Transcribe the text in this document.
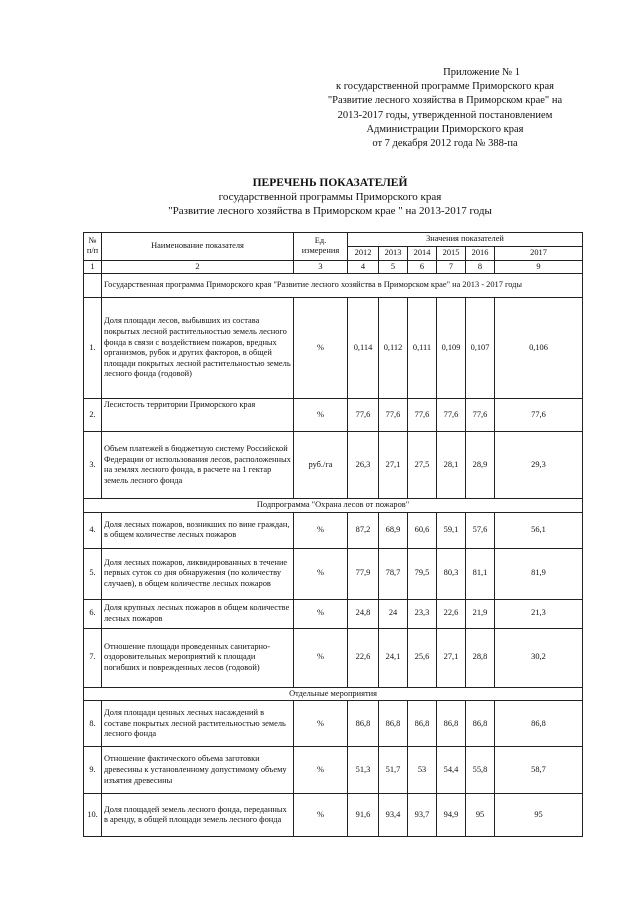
Приложение № 1
к государственной программе Приморского края
"Развитие лесного хозяйства в Приморском крае" на
2013-2017 годы, утвержденной постановлением
Администрации Приморского края
от 7 декабря 2012 года № 388-па
ПЕРЕЧЕНЬ ПОКАЗАТЕЛЕЙ
государственной программы Приморского края
"Развитие лесного хозяйства в Приморском крае " на 2013-2017 годы
№ п/п	Наименование показателя	Ед. измерения	Значения показателей					
			2012	2013	2014	2015	2016	2017
1	2	3	4	5	6	7	8	9
	Государственная программа Приморского края "Развитие лесного хозяйства в Приморском крае" на 2013 - 2017 годы							
1.	Доля площади лесов, выбывших из состава покрытых лесной растительностью земель лесного фонда в связи с воздействием пожаров, вредных организмов, рубок и других факторов, в общей площади покрытых лесной растительностью земель лесного фонда (годовой)	%	0,114	0,112	0,111	0,109	0,107	0,106
2.	Лесистость территории Приморского края	%	77,6	77,6	77,6	77,6	77,6	77,6
3.	Объем платежей в бюджетную систему Российской Федерации от использования лесов, расположенных на землях лесного фонда, в расчете на 1 гектар земель лесного фонда	руб./га	26,3	27,1	27,5	28,1	28,9	29,3
Подпрограмма "Охрана лесов от пожаров"								
4.	Доля лесных пожаров, возникших по вине граждан, в общем количестве лесных пожаров	%	87,2	68,9	60,6	59,1	57,6	56,1
5.	Доля лесных пожаров, ликвидированных в течение первых суток со дня обнаружения (по количеству случаев), в общем количестве лесных пожаров	%	77,9	78,7	79,5	80,3	81,1	81,9
6.	Доля крупных лесных пожаров в общем количестве лесных пожаров	%	24,8	24	23,3	22,6	21,9	21,3
7.	Отношение площади проведенных санитарно-оздоровительных мероприятий к площади погибших и поврежденных лесов (годовой)	%	22,6	24,1	25,6	27,1	28,8	30,2
Отдельные мероприятия								
8.	Доля площади ценных лесных насаждений в составе покрытых лесной растительностью земель лесного фонда	%	86,8	86,8	86,8	86,8	86,8	86,8
9.	Отношение фактического объема заготовки древесины к установленному допустимому объему изъятия древесины	%	51,3	51,7	53	54,4	55,8	58,7
10.	Доля площадей земель лесного фонда, переданных в аренду, в общей площади земель лесного фонда	%	91,6	93,4	93,7	94,9	95	95
